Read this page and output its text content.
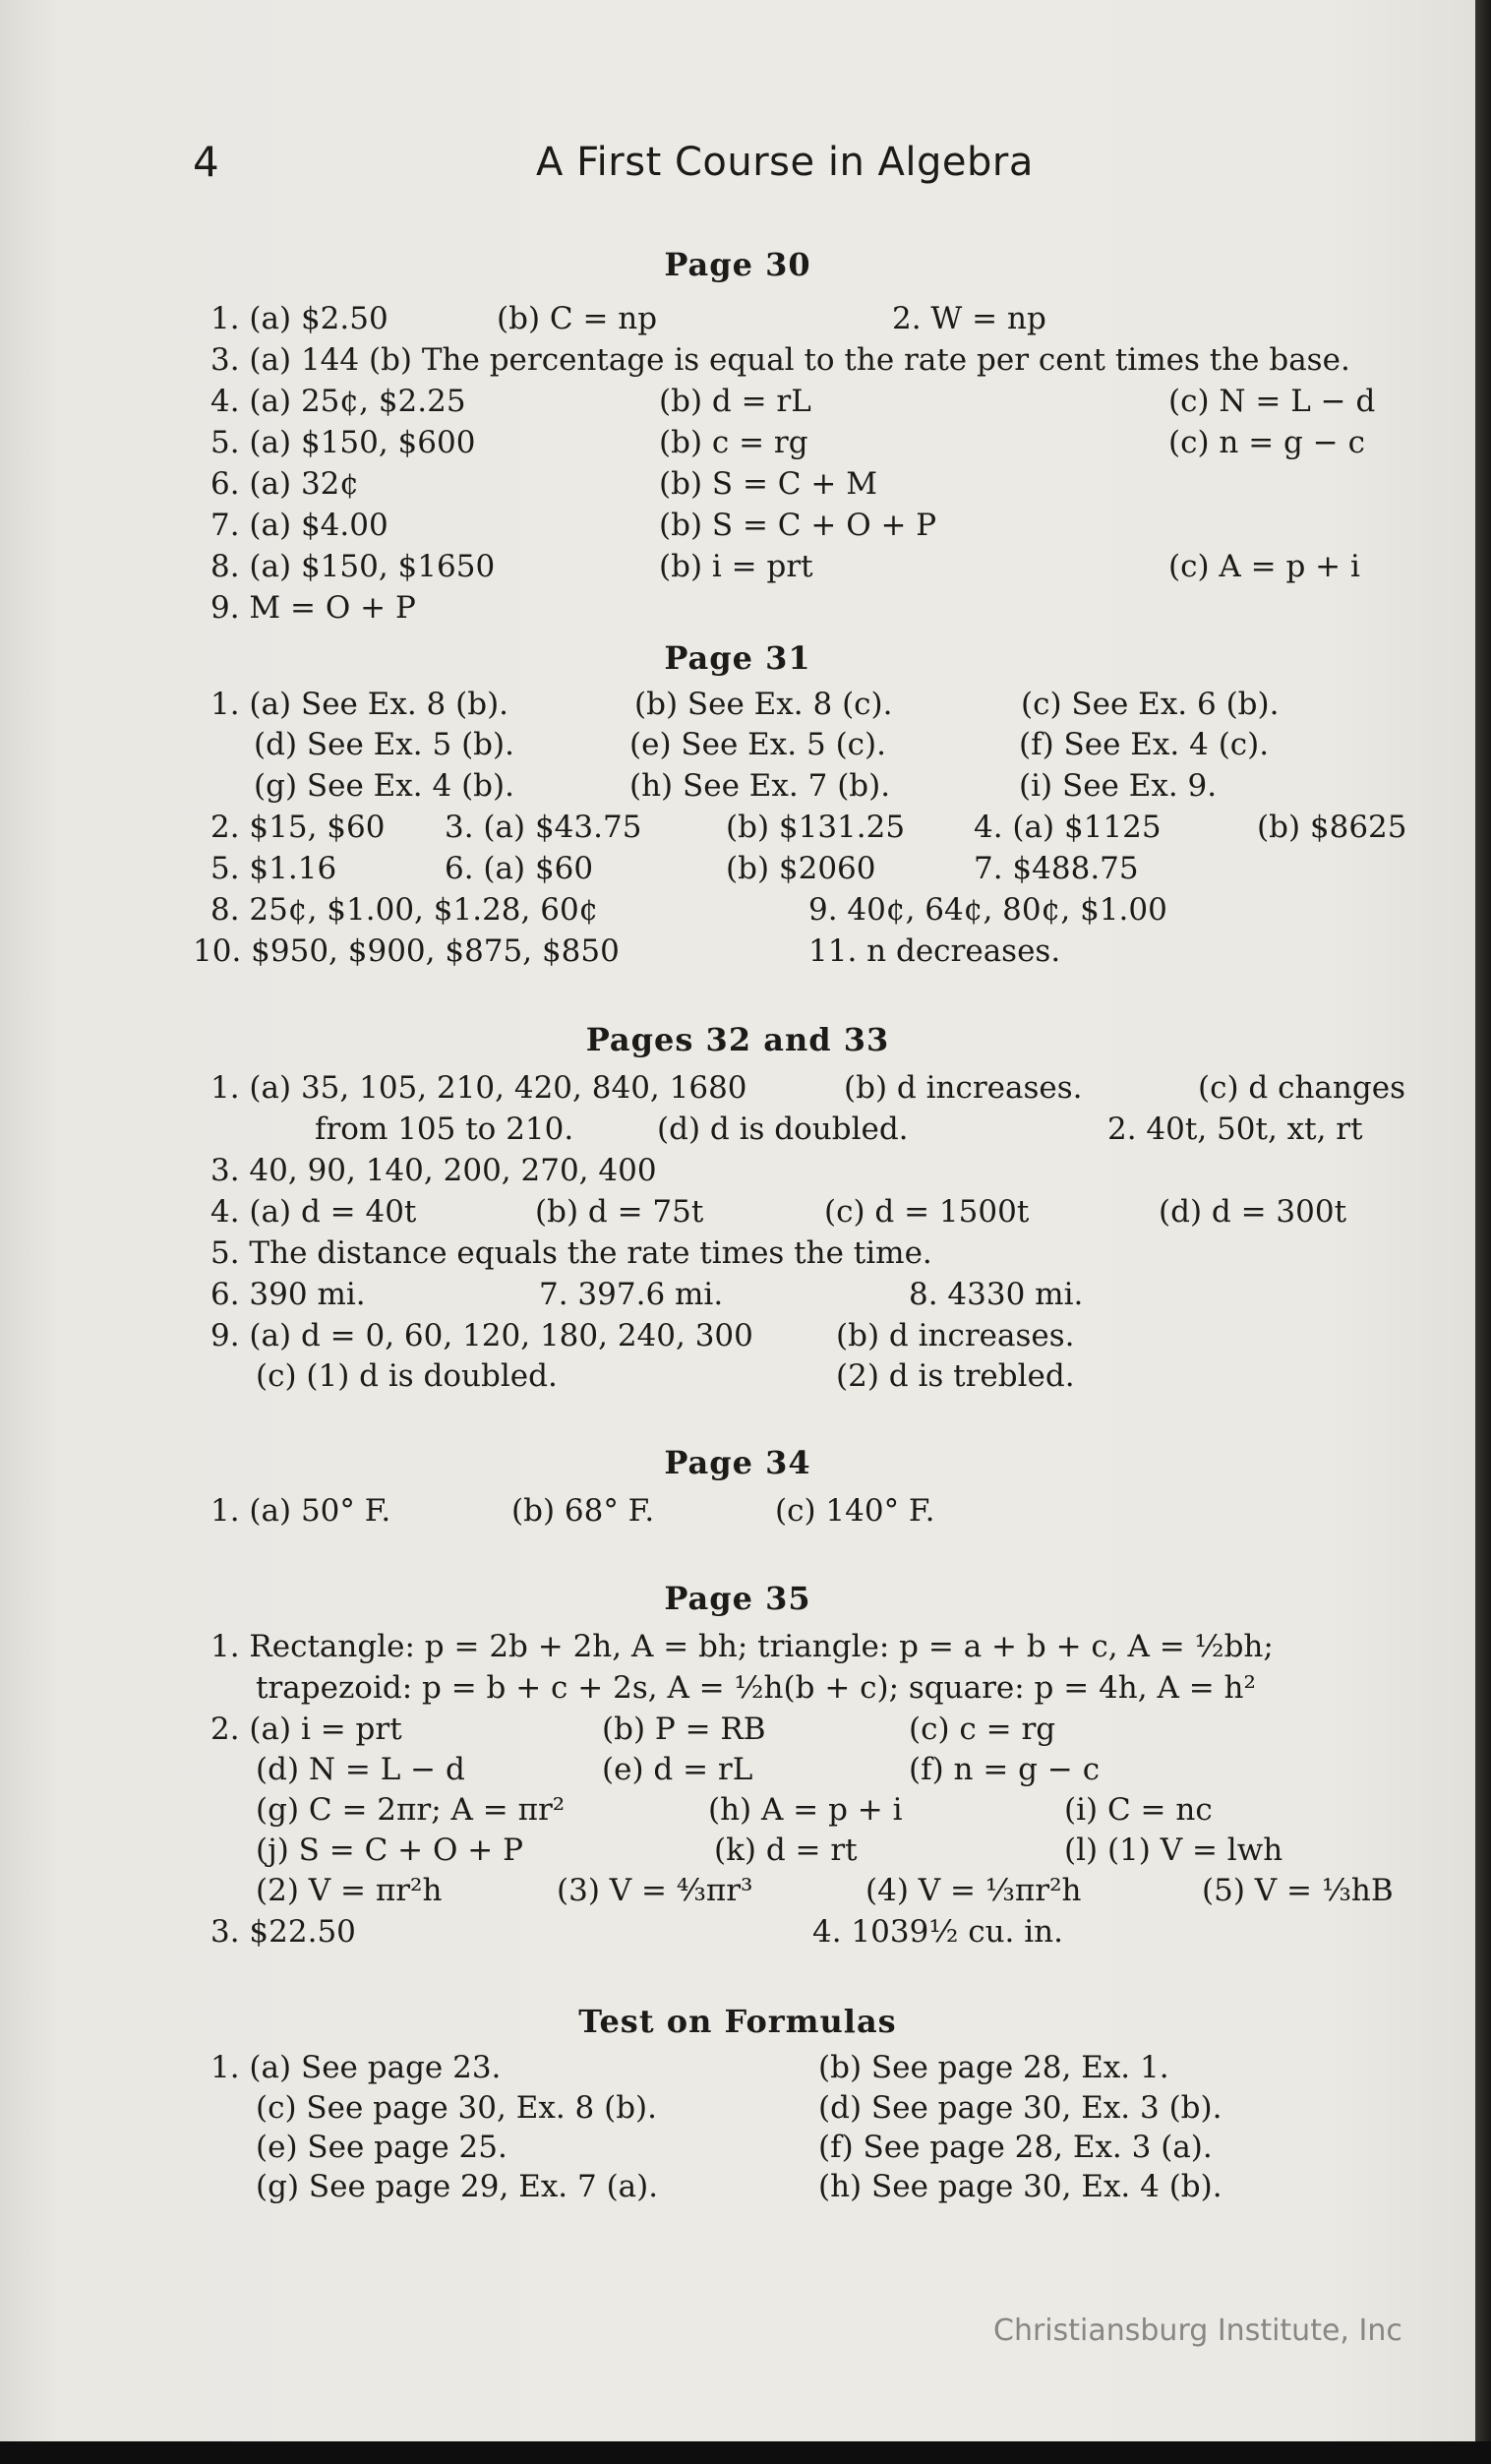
4	A First Course in Algebra
Page 30
1. (a) $2.50	(b) C = np	2. W = np
3. (a) 144 (b) The percentage is equal to the rate per cent times the base.
4. (a) 25¢, $2.25	(b) d = rL	(c) N = L − d
5. (a) $150, $600	(b) c = rg	(c) n = g − c
6. (a) 32¢	(b) S = C + M
7. (a) $4.00	(b) S = C + O + P
8. (a) $150, $1650	(b) i = prt	(c) A = p + i
9. M = O + P
Page 31
1. (a) See Ex. 8 (b).	(b) See Ex. 8 (c).	(c) See Ex. 6 (b).
(d) See Ex. 5 (b).	(e) See Ex. 5 (c).	(f) See Ex. 4 (c).
(g) See Ex. 4 (b).	(h) See Ex. 7 (b).	(i) See Ex. 9.
2. $15, $60 3. (a) $43.75	(b) $131.25 4. (a) $1125	(b) $8625
5. $1.16	6. (a) $60	(b) $2060	7. $488.75
8. 25¢, $1.00, $1.28, 60¢	9. 40¢, 64¢, 80¢, $1.00
10. $950, $900, $875, $850	11. n decreases.
Pages 32 and 33
1. (a) 35, 105, 210, 420, 840, 1680	(b) d increases.	(c) d changes
from 105 to 210.	(d) d is doubled.	2. 40t, 50t, xt, rt
3. 40, 90, 140, 200, 270, 400
4. (a) d = 40t	(b) d = 75t	(c) d = 1500t	(d) d = 300t
5. The distance equals the rate times the time.
6. 390 mi.	7. 397.6 mi.	8. 4330 mi.
9. (a) d = 0, 60, 120, 180, 240, 300	(b) d increases.
(c) (1) d is doubled.	(2) d is trebled.
Page 34
1. (a) 50° F.	(b) 68° F.	(c) 140° F.
Page 35
1. Rectangle: p = 2b + 2h, A = bh; triangle: p = a + b + c, A = ½bh;
trapezoid: p = b + c + 2s, A = ½h(b + c); square: p = 4h, A = h²
2. (a) i = prt	(b) P = RB	(c) c = rg
(d) N = L − d	(e) d = rL	(f) n = g − c
(g) C = 2πr; A = πr²	(h) A = p + i	(i) C = nc
(j) S = C + O + P	(k) d = rt	(l) (1) V = lwh
(2) V = πr²h	(3) V = ⁴⁄₃πr³	(4) V = ⅓πr²h	(5) V = ⅓hB
3. $22.50	4. 1039½ cu. in.
Test on Formulas
1. (a) See page 23.	(b) See page 28, Ex. 1.
(c) See page 30, Ex. 8 (b).	(d) See page 30, Ex. 3 (b).
(e) See page 25.	(f) See page 28, Ex. 3 (a).
(g) See page 29, Ex. 7 (a).	(h) See page 30, Ex. 4 (b).
Christiansburg Institute, Inc
